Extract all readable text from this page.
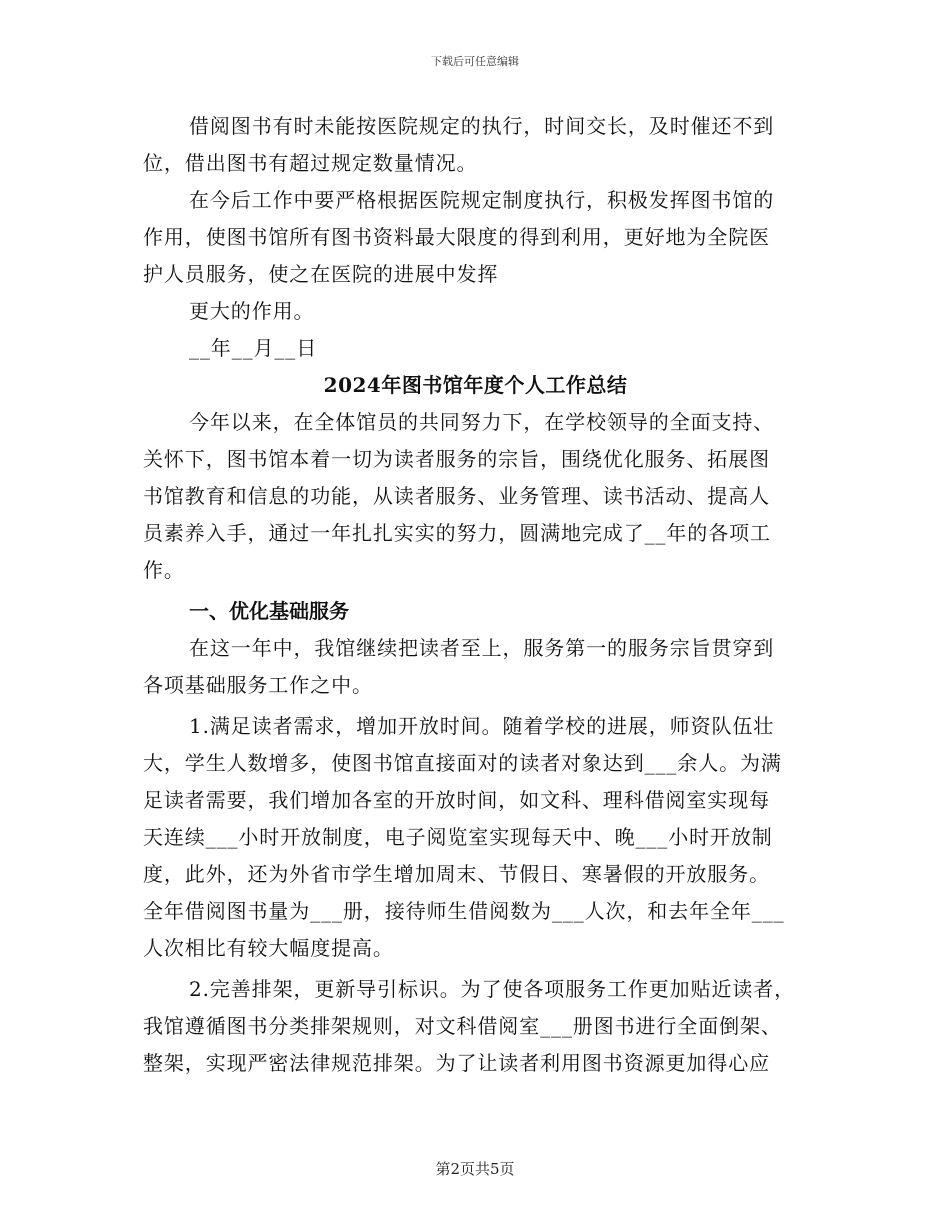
下载后可任意编辑
借阅图书有时未能按医院规定的执行，时间交长，及时催还不到
位，借出图书有超过规定数量情况。
在今后工作中要严格根据医院规定制度执行，积极发挥图书馆的
作用，使图书馆所有图书资料最大限度的得到利用，更好地为全院医
护人员服务，使之在医院的进展中发挥
更大的作用。
__年__月__日
2024年图书馆年度个人工作总结
今年以来，在全体馆员的共同努力下，在学校领导的全面支持、
关怀下，图书馆本着一切为读者服务的宗旨，围绕优化服务、拓展图
书馆教育和信息的功能，从读者服务、业务管理、读书活动、提高人
员素养入手，通过一年扎扎实实的努力，圆满地完成了__年的各项工
作。
一、优化基础服务
在这一年中，我馆继续把读者至上，服务第一的服务宗旨贯穿到
各项基础服务工作之中。
1.满足读者需求，增加开放时间。随着学校的进展，师资队伍壮
大，学生人数增多，使图书馆直接面对的读者对象达到___余人。为满
足读者需要，我们增加各室的开放时间，如文科、理科借阅室实现每
天连续___小时开放制度，电子阅览室实现每天中、晚___小时开放制
度，此外，还为外省市学生增加周末、节假日、寒暑假的开放服务。
全年借阅图书量为___册，接待师生借阅数为___人次，和去年全年___
人次相比有较大幅度提高。
2.完善排架，更新导引标识。为了使各项服务工作更加贴近读者，
我馆遵循图书分类排架规则，对文科借阅室___册图书进行全面倒架、
整架，实现严密法律规范排架。为了让读者利用图书资源更加得心应
第2页共5页
